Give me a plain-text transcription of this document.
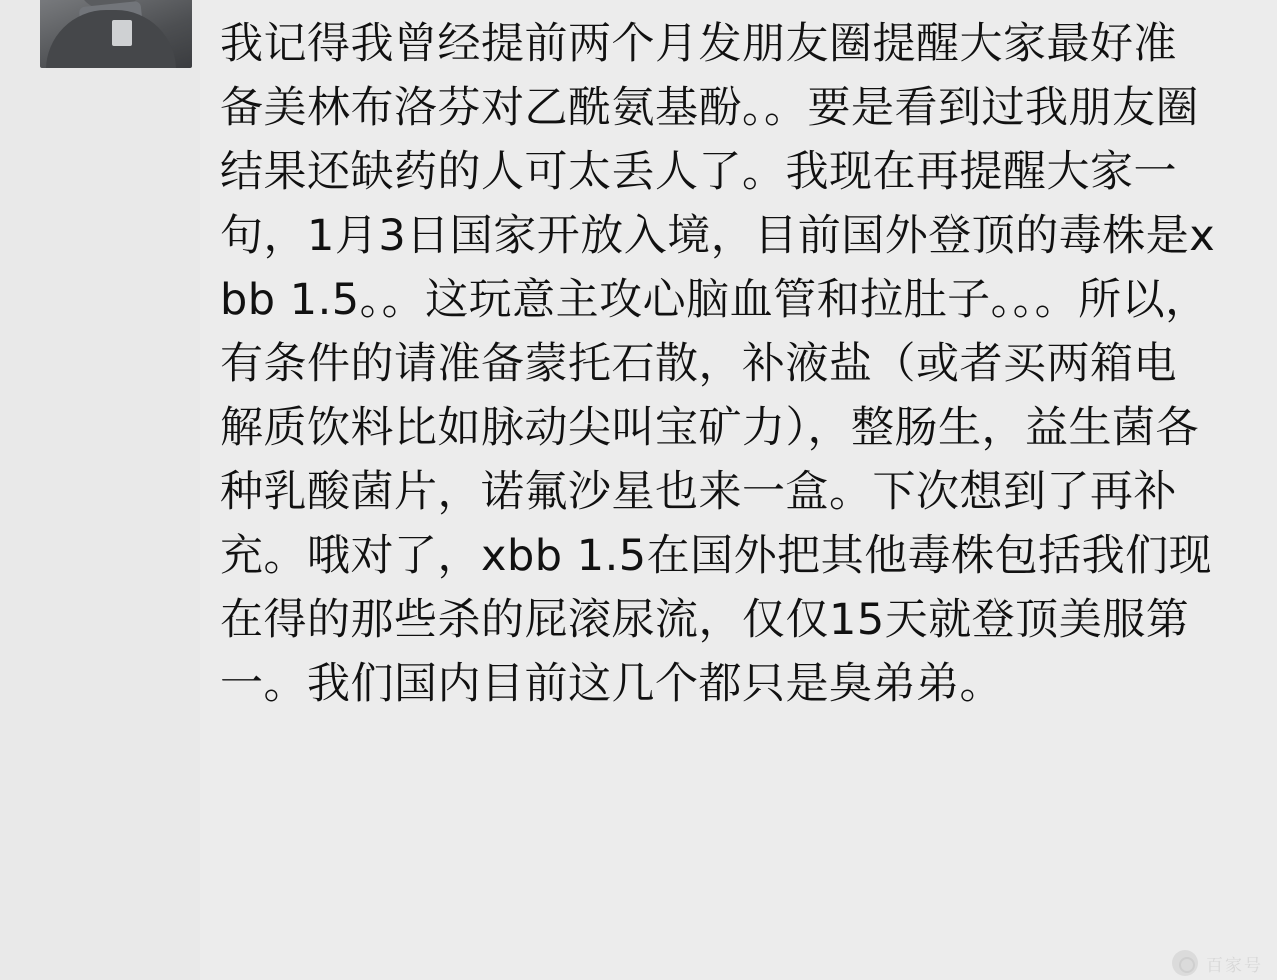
我记得我曾经提前两个月发朋友圈提醒大家最好准备美林布洛芬对乙酰氨基酚。。要是看到过我朋友圈结果还缺药的人可太丢人了。我现在再提醒大家一句，1月3日国家开放入境，目前国外登顶的毒株是xbb 1.5。。这玩意主攻心脑血管和拉肚子。。。所以，有条件的请准备蒙托石散，补液盐（或者买两箱电解质饮料比如脉动尖叫宝矿力），整肠生，益生菌各种乳酸菌片，诺氟沙星也来一盒。下次想到了再补充。哦对了，xbb 1.5在国外把其他毒株包括我们现在得的那些杀的屁滚尿流，仅仅15天就登顶美服第一。我们国内目前这几个都只是臭弟弟。
百家号
